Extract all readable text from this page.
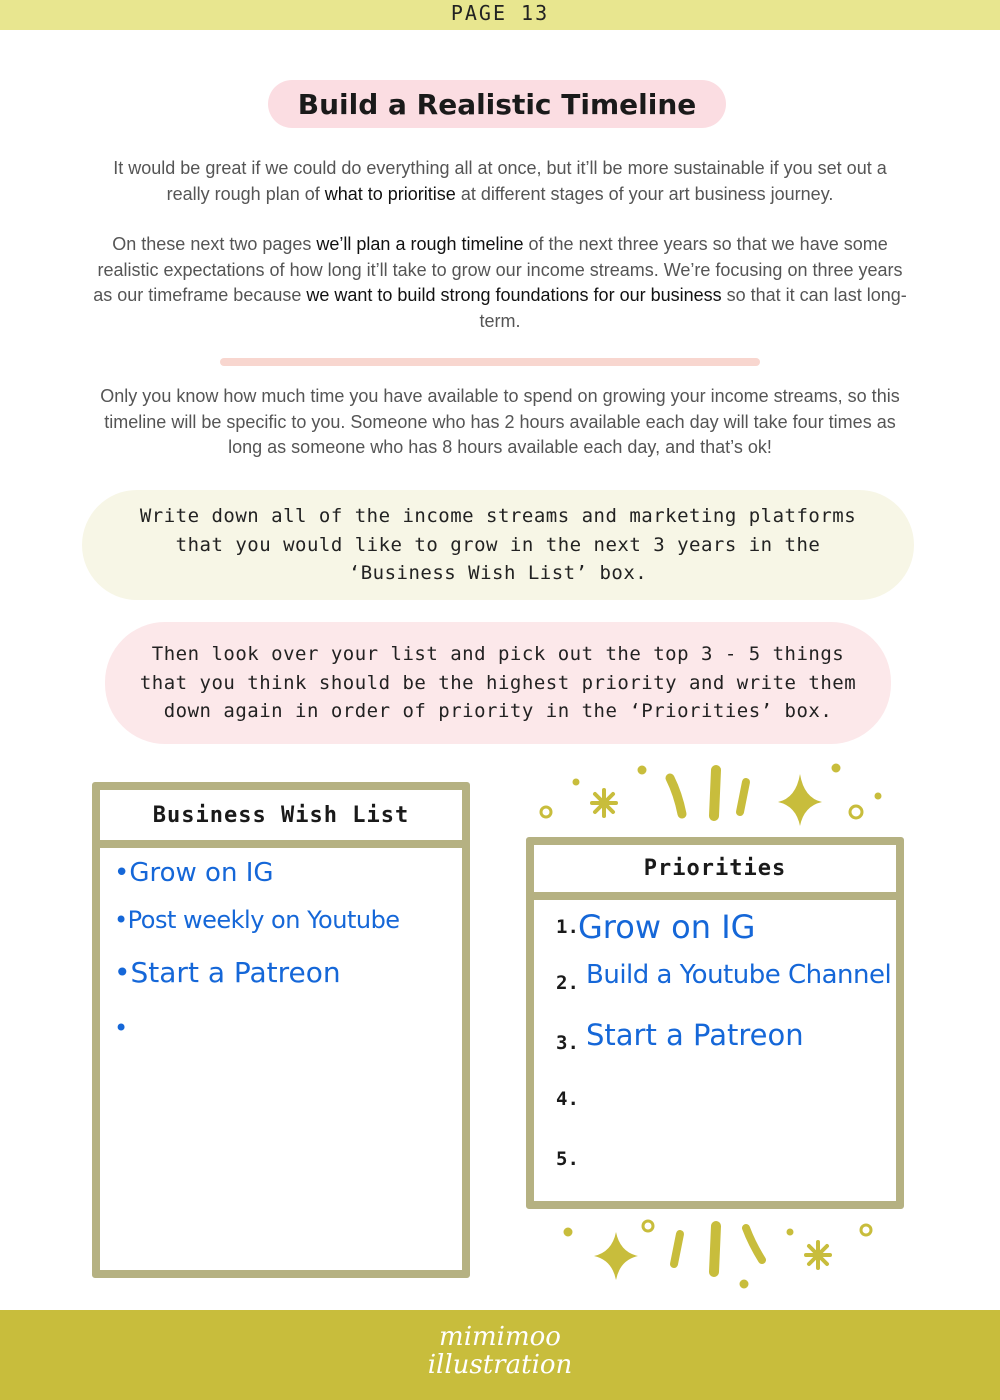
PAGE 13
Build a Realistic Timeline
It would be great if we could do everything all at once, but it’ll be more sustainable if you set out a really rough plan of what to prioritise at different stages of your art business journey.
On these next two pages we’ll plan a rough timeline of the next three years so that we have some realistic expectations of how long it’ll take to grow our income streams. We’re focusing on three years as our timeframe because we want to build strong foundations for our business so that it can last long-term.
Only you know how much time you have available to spend on growing your income streams, so this timeline will be specific to you. Someone who has 2 hours available each day will take four times as long as someone who has 8 hours available each day, and that’s ok!
Write down all of the income streams and marketing platforms that you would like to grow in the next 3 years in the ‘Business Wish List’ box.
Then look over your list and pick out the top 3 - 5 things that you think should be the highest priority and write them down again in order of priority in the ‘Priorities’ box.
Business Wish List
•Grow on IG
•Post weekly on Youtube
•Start a Patreon
•
Priorities
1. Grow on IG
2. Build a Youtube Channel
3. Start a Patreon
4.
5.
mimimoo
illustration
